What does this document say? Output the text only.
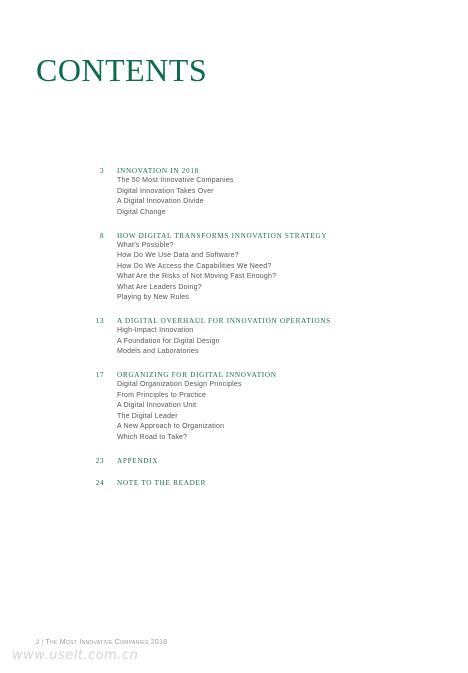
CONTENTS
3 INNOVATION IN 2018
The 50 Most Innovative Companies
Digital Innovation Takes Over
A Digital Innovation Divide
Digital Change
8 HOW DIGITAL TRANSFORMS INNOVATION STRATEGY
What’s Possible?
How Do We Use Data and Software?
How Do We Access the Capabilities We Need?
What Are the Risks of Not Moving Fast Enough?
What Are Leaders Doing?
Playing by New Rules
13 A DIGITAL OVERHAUL FOR INNOVATION OPERATIONS
High-Impact Innovation
A Foundation for Digital Design
Models and Laboratories
17 ORGANIZING FOR DIGITAL INNOVATION
Digital Organization Design Principles
From Principles to Practice
A Digital Innovation Unit
The Digital Leader
A New Approach to Organization
Which Road to Take?
23 APPENDIX
24 NOTE TO THE READER

2 | The Most Innovative Companies 2018

www.uselt.com.cn
